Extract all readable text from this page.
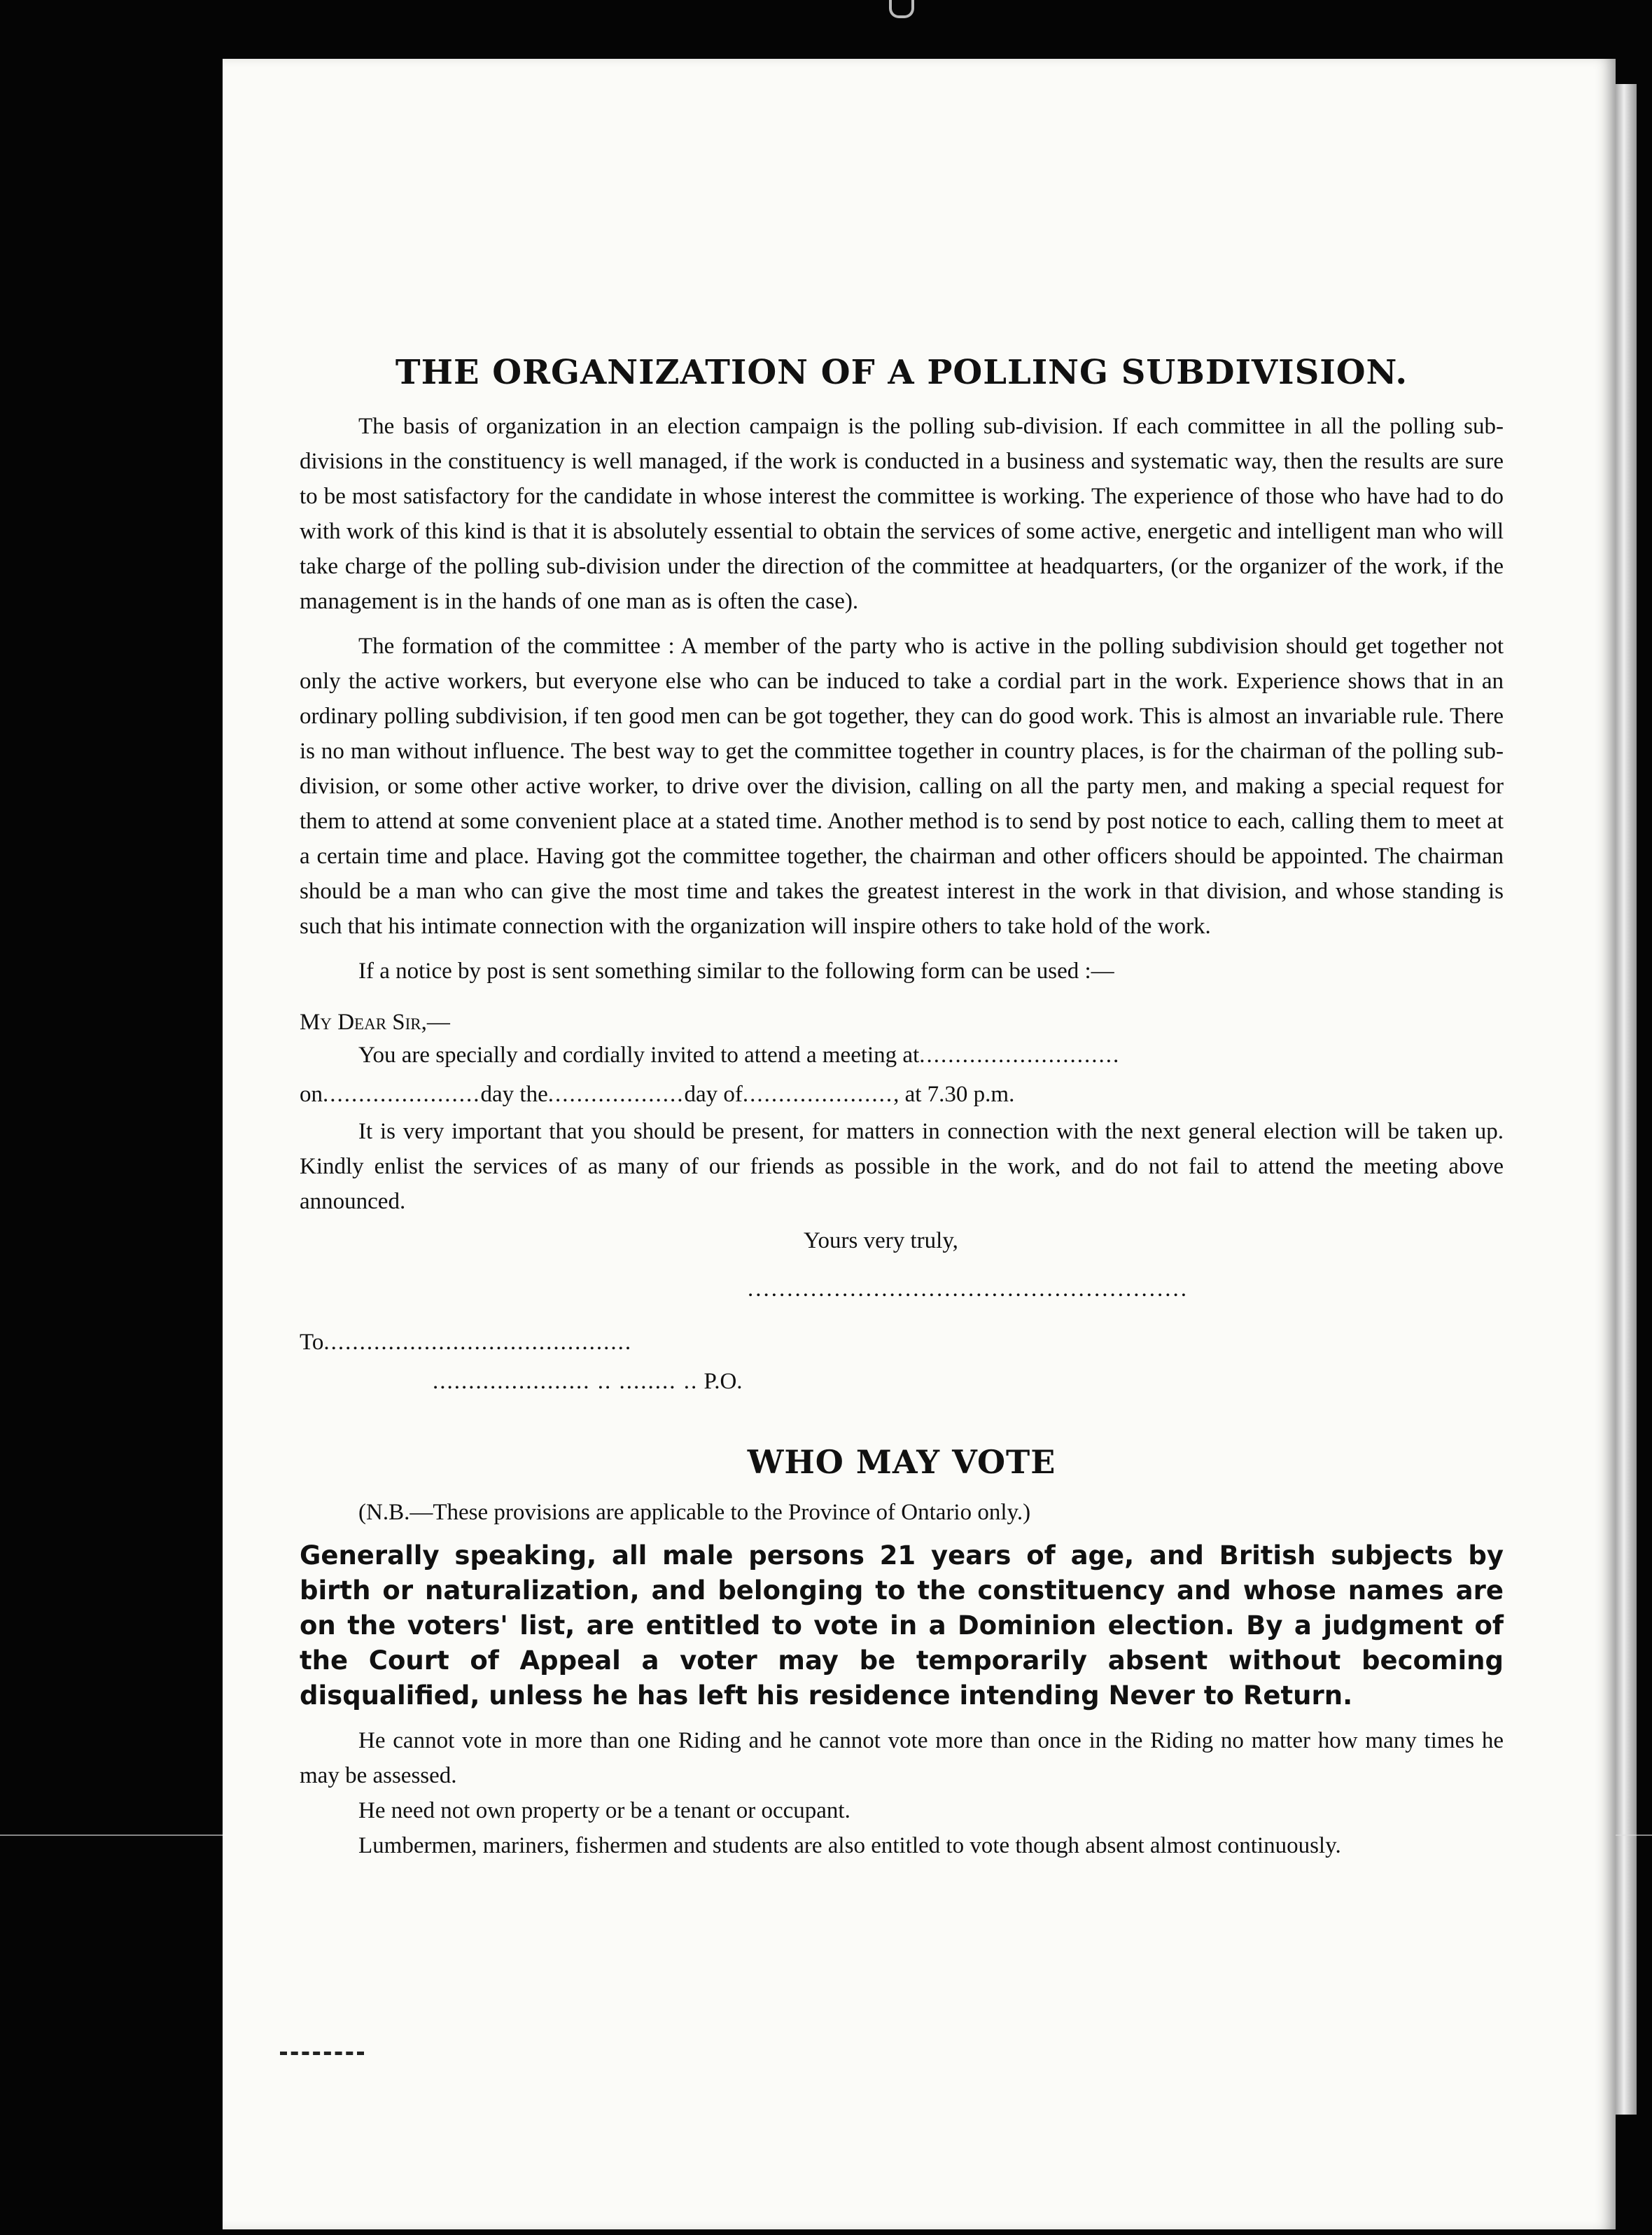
THE ORGANIZATION OF A POLLING SUBDIVISION.

The basis of organization in an election campaign is the polling sub-division. If each committee in all the polling sub-divisions in the constituency is well managed, if the work is conducted in a business and systematic way, then the results are sure to be most satisfactory for the candidate in whose interest the committee is working. The experience of those who have had to do with work of this kind is that it is absolutely essential to obtain the services of some active, energetic and intelligent man who will take charge of the polling sub-division under the direction of the committee at headquarters, (or the organizer of the work, if the management is in the hands of one man as is often the case).

The formation of the committee : A member of the party who is active in the polling subdivision should get together not only the active workers, but everyone else who can be induced to take a cordial part in the work. Experience shows that in an ordinary polling subdivision, if ten good men can be got together, they can do good work. This is almost an invariable rule. There is no man without influence. The best way to get the committee together in country places, is for the chairman of the polling sub-division, or some other active worker, to drive over the division, calling on all the party men, and making a special request for them to attend at some convenient place at a stated time. Another method is to send by post notice to each, calling them to meet at a certain time and place. Having got the committee together, the chairman and other officers should be appointed. The chairman should be a man who can give the most time and takes the greatest interest in the work in that division, and whose standing is such that his intimate connection with the organization will inspire others to take hold of the work.

If a notice by post is sent something similar to the following form can be used :—

My Dear Sir,—
You are specially and cordially invited to attend a meeting at............................
on......................day the...................day of....................., at 7.30 p.m.

It is very important that you should be present, for matters in connection with the next general election will be taken up. Kindly enlist the services of as many of our friends as possible in the work, and do not fail to attend the meeting above announced.

Yours very truly,

........................................................
To...........................................
...................... .. ........ .. P.O.
WHO MAY VOTE
(N.B.—These provisions are applicable to the Province of Ontario only.)

Generally speaking, all male persons 21 years of age, and British subjects by birth or naturalization, and belonging to the constituency and whose names are on the voters' list, are entitled to vote in a Dominion election. By a judgment of the Court of Appeal a voter may be temporarily absent without becoming disqualified, unless he has left his residence intending Never to Return.

He cannot vote in more than one Riding and he cannot vote more than once in the Riding no matter how many times he may be assessed.

He need not own property or be a tenant or occupant.

Lumbermen, mariners, fishermen and students are also entitled to vote though absent almost continuously.
